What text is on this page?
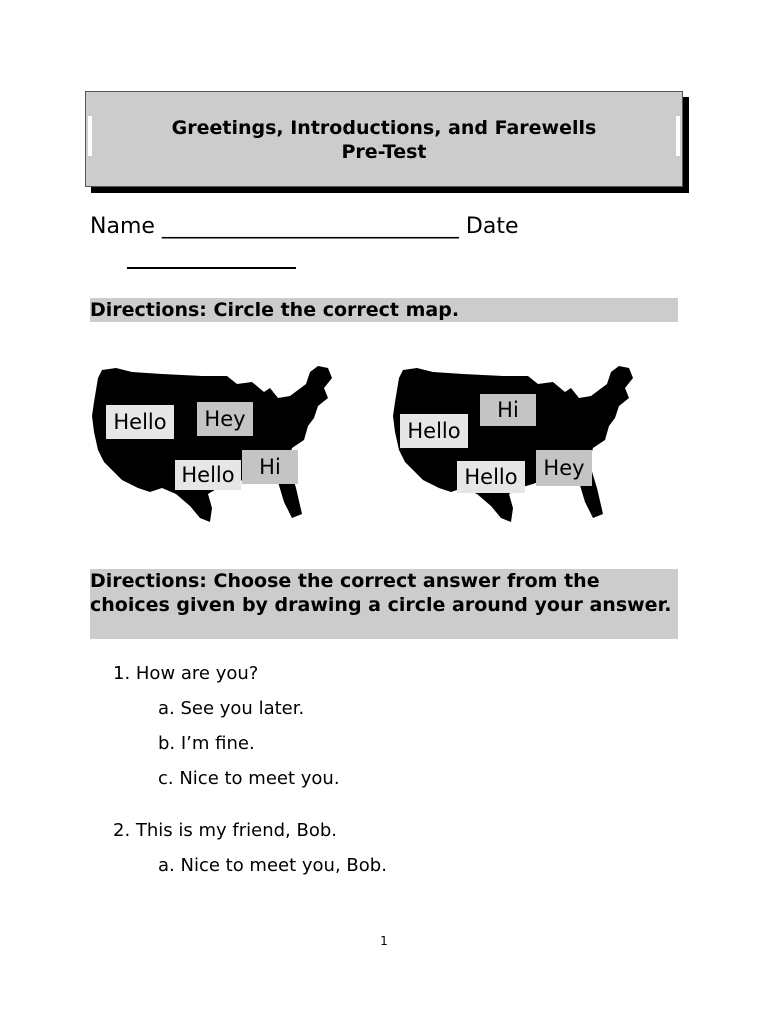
Greetings, Introductions, and Farewells
Pre-Test
Name ___________________________ Date
Directions: Circle the correct map.
Hello	Hey
Hello	Hi
Hi
Hello
Hello	Hey
Directions: Choose the correct answer from the choices given by drawing a circle around your answer.
1. How are you?
a. See you later.
b. I’m fine.
c. Nice to meet you.
2. This is my friend, Bob.
a. Nice to meet you, Bob.
1
